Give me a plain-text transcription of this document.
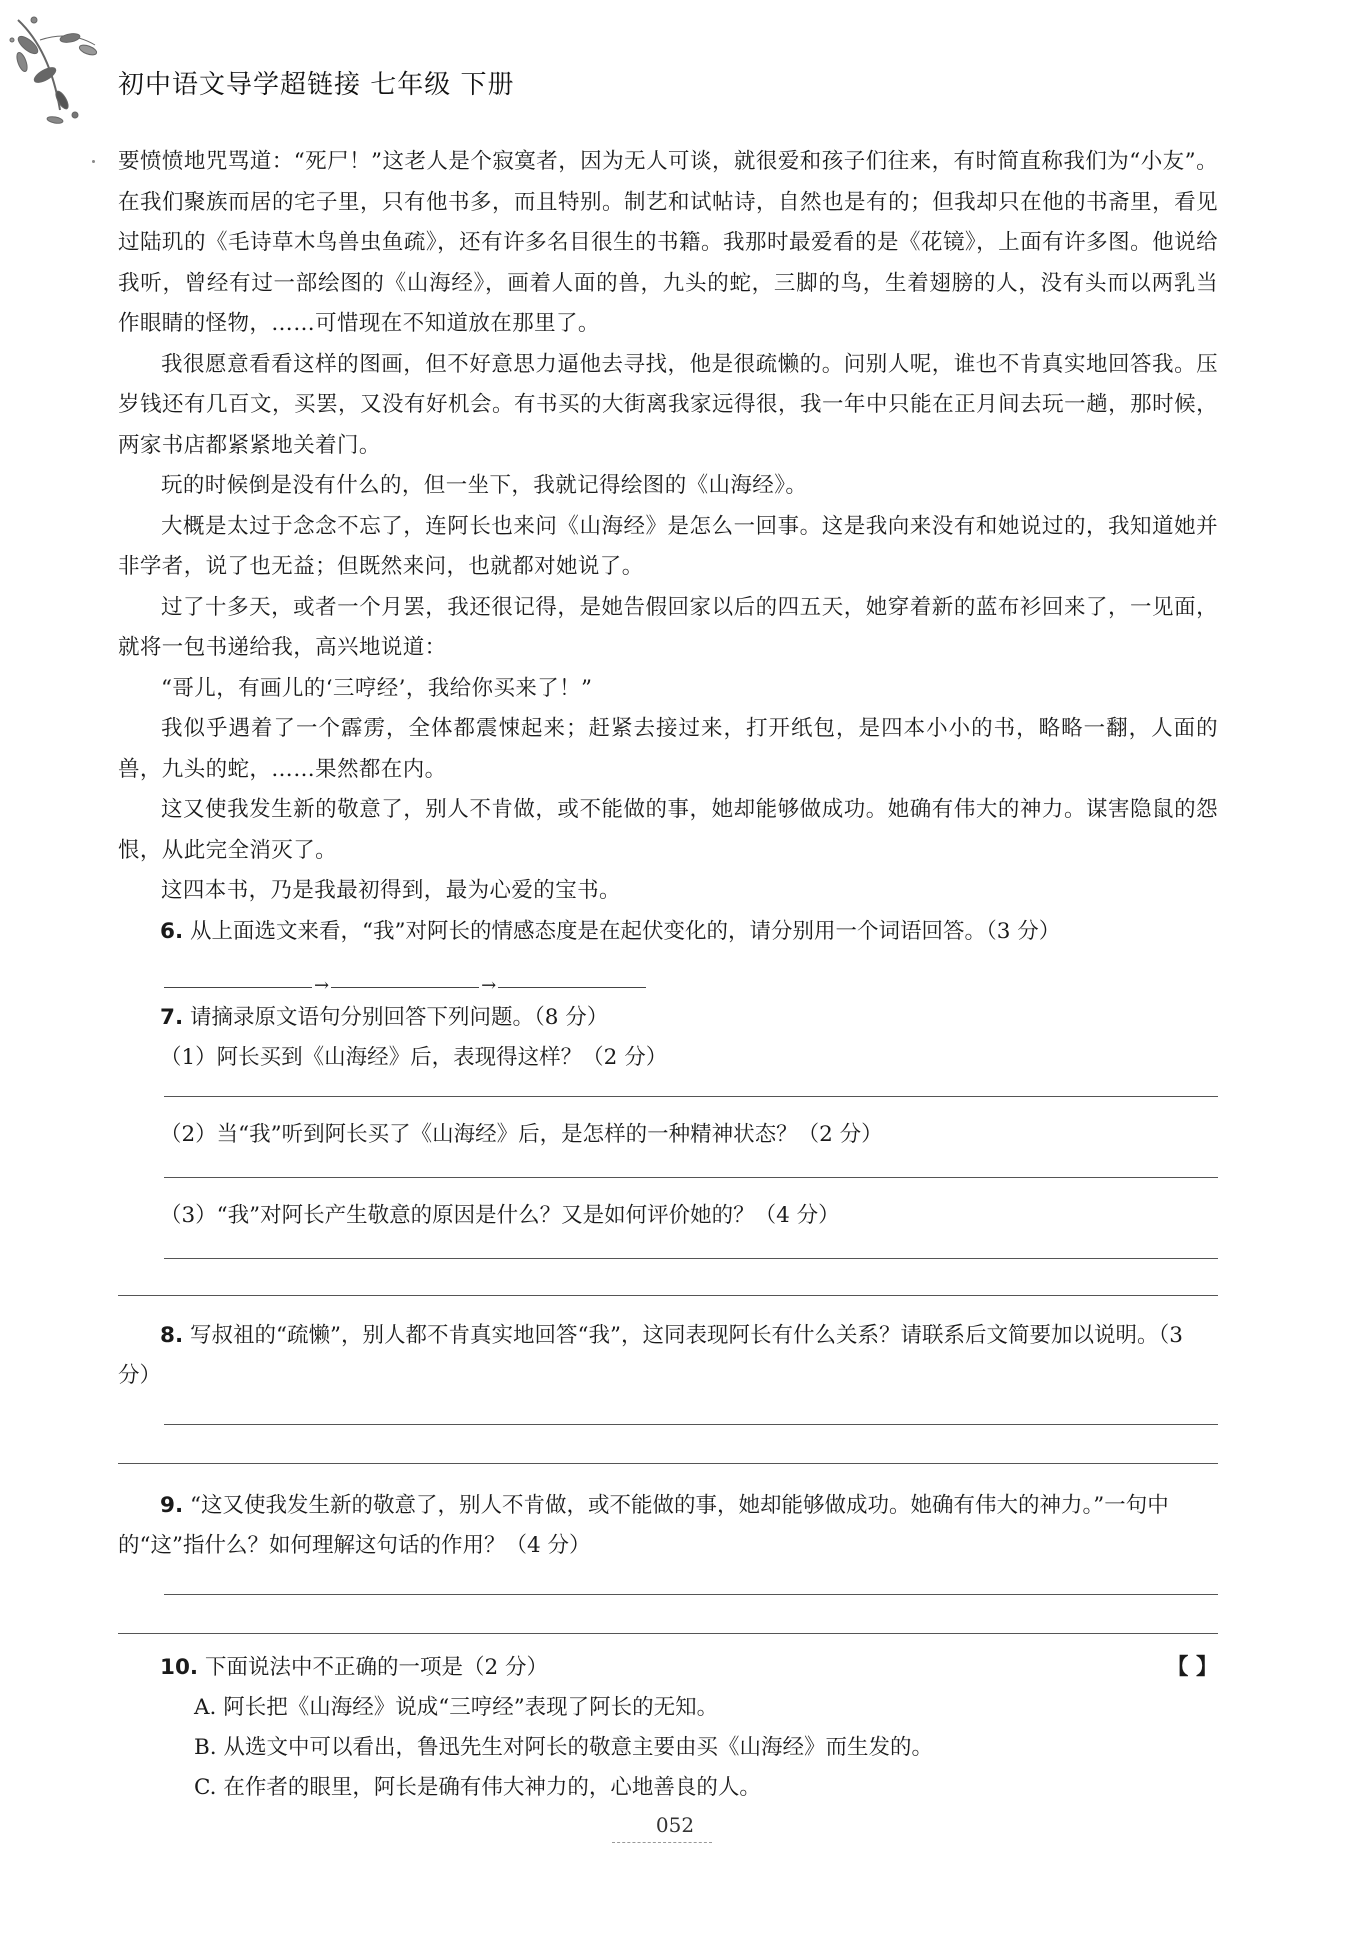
初中语文导学超链接 七年级 下册

要愤愤地咒骂道：“死尸！”这老人是个寂寞者，因为无人可谈，就很爱和孩子们往来，有时简直称我们为“小友”。在我们聚族而居的宅子里，只有他书多，而且特别。制艺和试帖诗，自然也是有的；但我却只在他的书斋里，看见过陆玑的《毛诗草木鸟兽虫鱼疏》，还有许多名目很生的书籍。我那时最爱看的是《花镜》，上面有许多图。他说给我听，曾经有过一部绘图的《山海经》，画着人面的兽，九头的蛇，三脚的鸟，生着翅膀的人，没有头而以两乳当作眼睛的怪物，……可惜现在不知道放在那里了。

我很愿意看看这样的图画，但不好意思力逼他去寻找，他是很疏懒的。问别人呢，谁也不肯真实地回答我。压岁钱还有几百文，买罢，又没有好机会。有书买的大街离我家远得很，我一年中只能在正月间去玩一趟，那时候，两家书店都紧紧地关着门。

玩的时候倒是没有什么的，但一坐下，我就记得绘图的《山海经》。

大概是太过于念念不忘了，连阿长也来问《山海经》是怎么一回事。这是我向来没有和她说过的，我知道她并非学者，说了也无益；但既然来问，也就都对她说了。

过了十多天，或者一个月罢，我还很记得，是她告假回家以后的四五天，她穿着新的蓝布衫回来了，一见面，就将一包书递给我，高兴地说道：

“哥儿，有画儿的‘三哼经’，我给你买来了！”

我似乎遇着了一个霹雳，全体都震悚起来；赶紧去接过来，打开纸包，是四本小小的书，略略一翻，人面的兽，九头的蛇，……果然都在内。

这又使我发生新的敬意了，别人不肯做，或不能做的事，她却能够做成功。她确有伟大的神力。谋害隐鼠的怨恨，从此完全消灭了。

这四本书，乃是我最初得到，最为心爱的宝书。

6. 从上面选文来看，“我”对阿长的情感态度是在起伏变化的，请分别用一个词语回答。（3 分）

→	→

7. 请摘录原文语句分别回答下列问题。（8 分）

（1）阿长买到《山海经》后，表现得这样？（2 分）

（2）当“我”听到阿长买了《山海经》后，是怎样的一种精神状态？（2 分）

（3）“我”对阿长产生敬意的原因是什么？又是如何评价她的？（4 分）

8. 写叔祖的“疏懒”，别人都不肯真实地回答“我”，这同表现阿长有什么关系？请联系后文简要加以说明。（3 分）

9. “这又使我发生新的敬意了，别人不肯做，或不能做的事，她却能够做成功。她确有伟大的神力。”一句中的“这”指什么？如何理解这句话的作用？（4 分）

10. 下面说法中不正确的一项是（2 分）	【 】

A. 阿长把《山海经》说成“三哼经”表现了阿长的无知。

B. 从选文中可以看出，鲁迅先生对阿长的敬意主要由买《山海经》而生发的。

C. 在作者的眼里，阿长是确有伟大神力的，心地善良的人。

052
